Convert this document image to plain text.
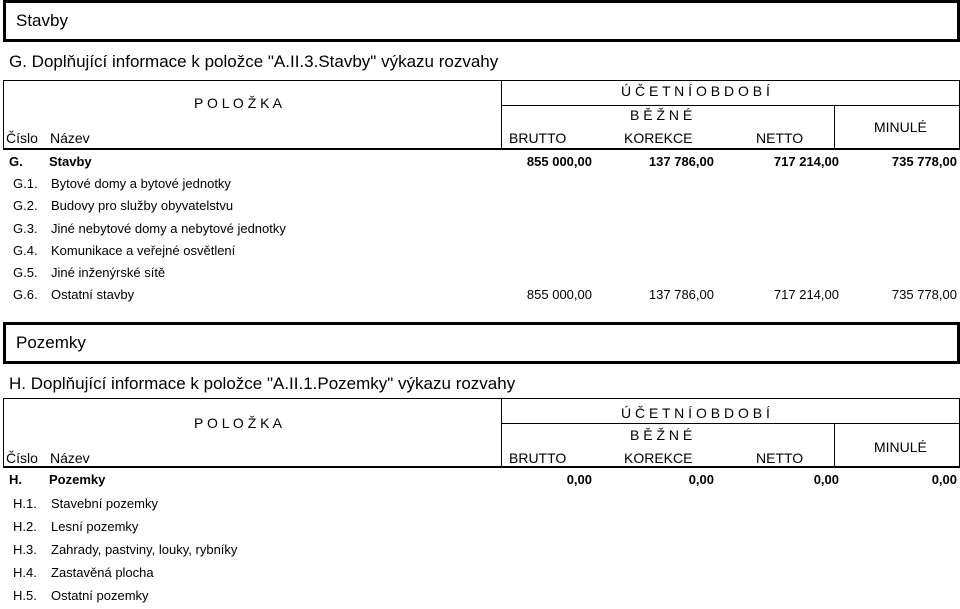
Stavby
G. Doplňující informace k položce "A.II.3.Stavby" výkazu rozvahy
P O L O Ž K A
Ú Č E T N Í O B D O B Í
B Ě Ž N É
MINULÉ
Číslo Název	BRUTTO	KOREKCE	NETTO
G. Stavby	855 000,00	137 786,00	717 214,00	735 778,00
G.1. Bytové domy a bytové jednotky
G.2. Budovy pro služby obyvatelstvu
G.3. Jiné nebytové domy a nebytové jednotky
G.4. Komunikace a veřejné osvětlení
G.5. Jiné inženýrské sítě
G.6. Ostatní stavby	855 000,00	137 786,00	717 214,00	735 778,00
Pozemky
H. Doplňující informace k položce "A.II.1.Pozemky" výkazu rozvahy
P O L O Ž K A
Ú Č E T N Í O B D O B Í
B Ě Ž N É
MINULÉ
Číslo Název	BRUTTO	KOREKCE	NETTO
H. Pozemky	0,00	0,00	0,00	0,00
H.1. Stavební pozemky
H.2. Lesní pozemky
H.3. Zahrady, pastviny, louky, rybníky
H.4. Zastavěná plocha
H.5. Ostatní pozemky
